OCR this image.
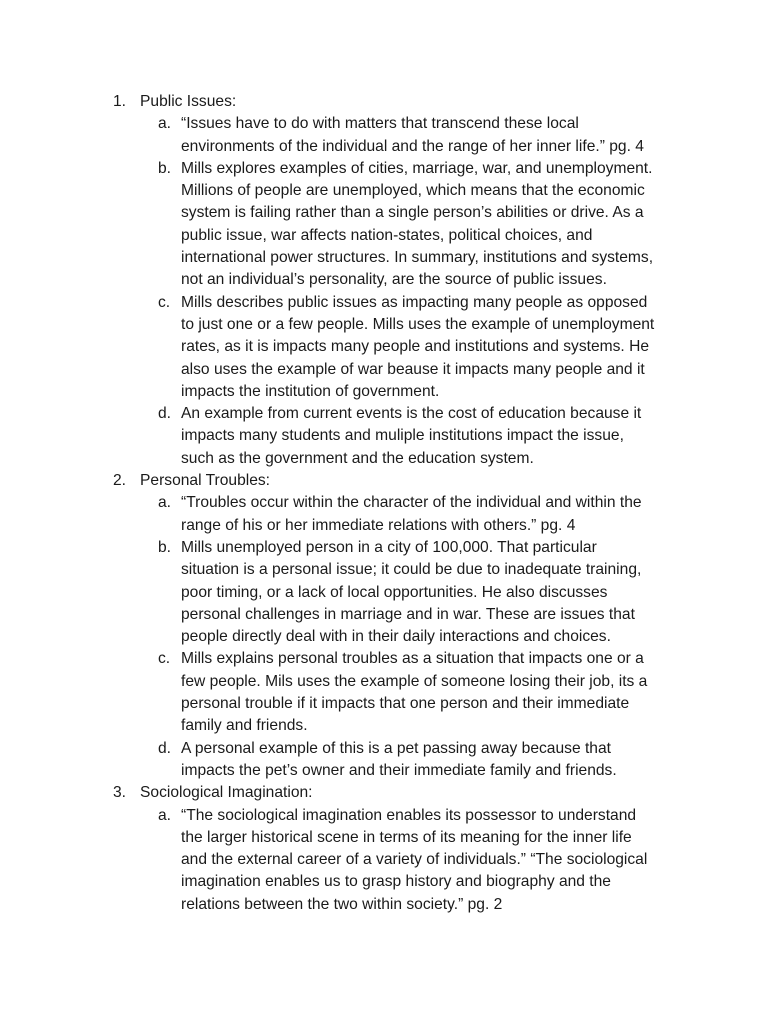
1. Public Issues:
a. “Issues have to do with matters that transcend these local
environments of the individual and the range of her inner life.” pg. 4
b. Mills explores examples of cities, marriage, war, and unemployment.
Millions of people are unemployed, which means that the economic
system is failing rather than a single person’s abilities or drive. As a
public issue, war affects nation-states, political choices, and
international power structures. In summary, institutions and systems,
not an individual’s personality, are the source of public issues.
c. Mills describes public issues as impacting many people as opposed
to just one or a few people. Mills uses the example of unemployment
rates, as it is impacts many people and institutions and systems. He
also uses the example of war beause it impacts many people and it
impacts the institution of government.
d. An example from current events is the cost of education because it
impacts many students and muliple institutions impact the issue,
such as the government and the education system.
2. Personal Troubles:
a. “Troubles occur within the character of the individual and within the
range of his or her immediate relations with others.” pg. 4
b. Mills unemployed person in a city of 100,000. That particular
situation is a personal issue; it could be due to inadequate training,
poor timing, or a lack of local opportunities. He also discusses
personal challenges in marriage and in war. These are issues that
people directly deal with in their daily interactions and choices.
c. Mills explains personal troubles as a situation that impacts one or a
few people. Mils uses the example of someone losing their job, its a
personal trouble if it impacts that one person and their immediate
family and friends.
d. A personal example of this is a pet passing away because that
impacts the pet’s owner and their immediate family and friends.
3. Sociological Imagination:
a. “The sociological imagination enables its possessor to understand
the larger historical scene in terms of its meaning for the inner life
and the external career of a variety of individuals.” “The sociological
imagination enables us to grasp history and biography and the
relations between the two within society.” pg. 2
